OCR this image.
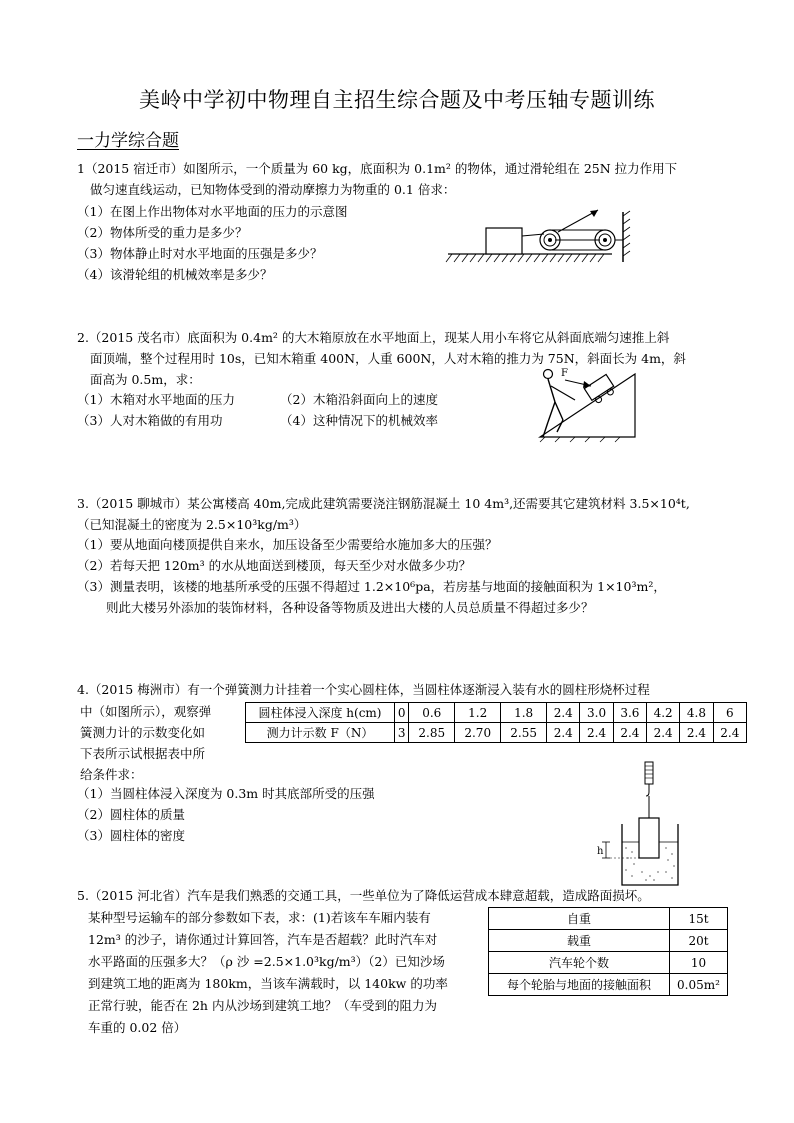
美岭中学初中物理自主招生综合题及中考压轴专题训练
一力学综合题
1（2015 宿迁市）如图所示，一个质量为 60 kg，底面积为 0.1m² 的物体，通过滑轮组在 25N 拉力作用下
做匀速直线运动，已知物体受到的滑动摩擦力为物重的 0.1 倍求：
（1）在图上作出物体对水平地面的压力的示意图
（2）物体所受的重力是多少？
（3）物体静止时对水平地面的压强是多少？
（4）该滑轮组的机械效率是多少？
2.（2015 茂名市）底面积为 0.4m² 的大木箱原放在水平地面上，现某人用小车将它从斜面底端匀速推上斜
面顶端，整个过程用时 10s，已知木箱重 400N，人重 600N，人对木箱的推力为 75N，斜面长为 4m，斜
面高为 0.5m，求：
（1）木箱对水平地面的压力	（2）木箱沿斜面向上的速度
（3）人对木箱做的有用功	（4）这种情况下的机械效率
F
3.（2015 聊城市）某公寓楼高 40m,完成此建筑需要浇注钢筋混凝土 10 4m³,还需要其它建筑材料 3.5×10⁴t,
（已知混凝土的密度为 2.5×10³kg/m³）
（1）要从地面向楼顶提供自来水，加压设备至少需要给水施加多大的压强？
（2）若每天把 120m³ 的水从地面送到楼顶，每天至少对水做多少功？
（3）测量表明，该楼的地基所承受的压强不得超过 1.2×10⁶pa，若房基与地面的接触面积为 1×10³m²，
则此大楼另外添加的装饰材料，各种设备等物质及进出大楼的人员总质量不得超过多少？
4.（2015 梅洲市）有一个弹簧测力计挂着一个实心圆柱体，当圆柱体逐渐浸入装有水的圆柱形烧杯过程
中（如图所示），观察弹
簧测力计的示数变化如
下表所示试根据表中所
给条件求：
圆柱体浸入深度 h(cm)	0	0.6	1.2	1.8	2.4	3.0	3.6	4.2	4.8	6
测力计示数 F（N）	3	2.85	2.70	2.55	2.4	2.4	2.4	2.4	2.4	2.4
（1）当圆柱体浸入深度为 0.3m 时其底部所受的压强
（2）圆柱体的质量
（3）圆柱体的密度
h
5.（2015 河北省）汽车是我们熟悉的交通工具，一些单位为了降低运营成本肆意超载，造成路面损坏。
某种型号运输车的部分参数如下表，求：(1)若该车车厢内装有
12m³ 的沙子，请你通过计算回答，汽车是否超载？此时汽车对
水平路面的压强多大？（ρ 沙 =2.5×1.0³kg/m³）（2）已知沙场
到建筑工地的距离为 180km，当该车满载时，以 140kw 的功率
正常行驶，能否在 2h 内从沙场到建筑工地？（车受到的阻力为
车重的 0.02 倍）
自重	15t
载重	20t
汽车轮个数	10
每个轮胎与地面的接触面积	0.05m²
